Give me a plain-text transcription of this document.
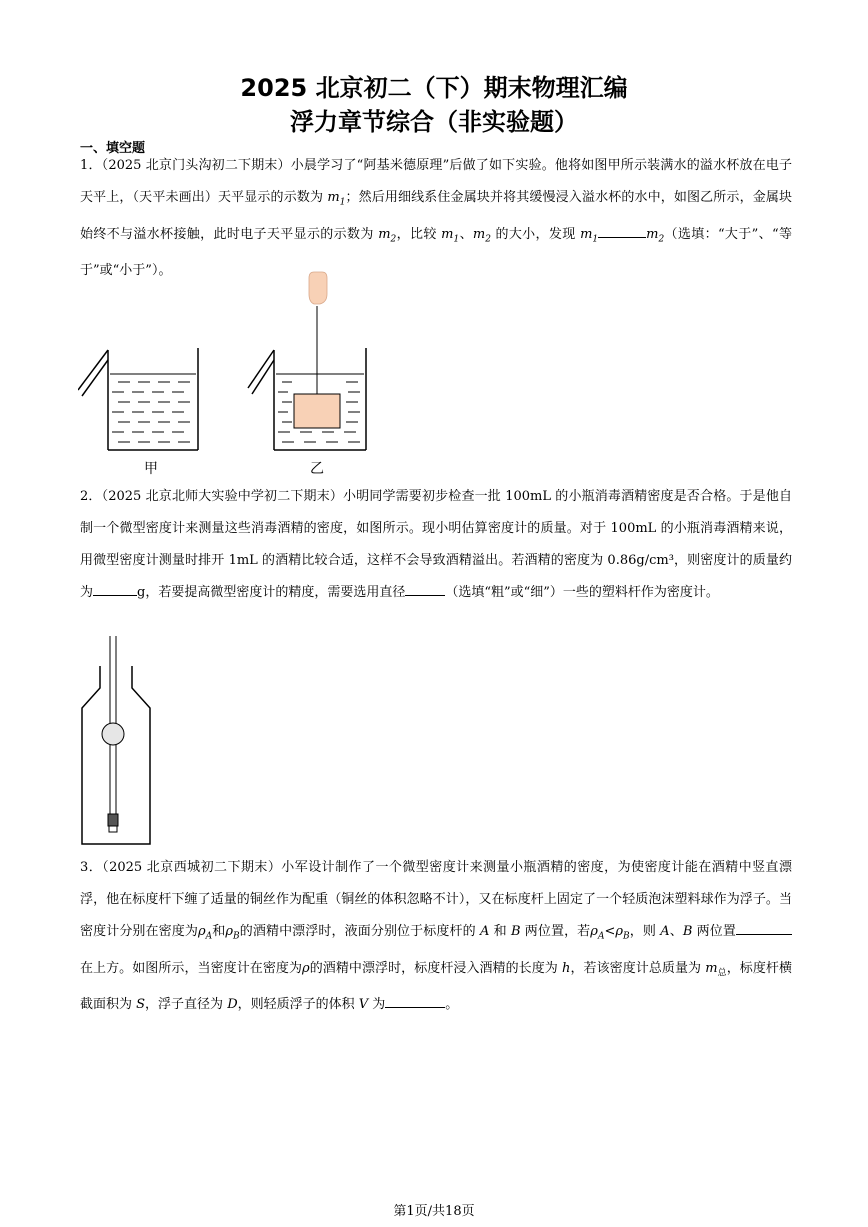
2025 北京初二（下）期末物理汇编
浮力章节综合（非实验题）
一、填空题
1．（2025 北京门头沟初二下期末）小晨学习了“阿基米德原理”后做了如下实验。他将如图甲所示装满水的溢水杯放在电子天平上，（天平未画出）天平显示的示数为 $m_1$；然后用细线系住金属块并将其缓慢浸入溢水杯的水中，如图乙所示，金属块始终不与溢水杯接触，此时电子天平显示的示数为 $m_2$，比较 $m_1$、$m_2$ 的大小，发现 $m_1$	$m_2$（选填：“大于”、“等于”或“小于”）。
甲	乙
2．（2025 北京北师大实验中学初二下期末）小明同学需要初步检查一批 100mL 的小瓶消毒酒精密度是否合格。于是他自制一个微型密度计来测量这些消毒酒精的密度，如图所示。现小明估算密度计的质量。对于 100mL 的小瓶消毒酒精来说，用微型密度计测量时排开 1mL 的酒精比较合适，这样不会导致酒精溢出。若酒精的密度为 0.86g/cm³，则密度计的质量约为	g，若要提高微型密度计的精度，需要选用直径	（选填“粗”或“细”）一些的塑料杆作为密度计。
3．（2025 北京西城初二下期末）小军设计制作了一个微型密度计来测量小瓶酒精的密度，为使密度计能在酒精中竖直漂浮，他在标度杆下缠了适量的铜丝作为配重（铜丝的体积忽略不计），又在标度杆上固定了一个轻质泡沫塑料球作为浮子。当密度计分别在密度为$\rho_A$和$\rho_B$的酒精中漂浮时，液面分别位于标度杆的 A 和 B 两位置，若$\rho_A<\rho_B$，则 A、B 两位置在上方。如图所示，当密度计在密度为ρ的酒精中漂浮时，标度杆浸入酒精的长度为 h，若该密度计总质量为 $m_总$，标度杆横截面积为 S，浮子直径为 D，则轻质浮子的体积 V 为	。
第1页/共18页
